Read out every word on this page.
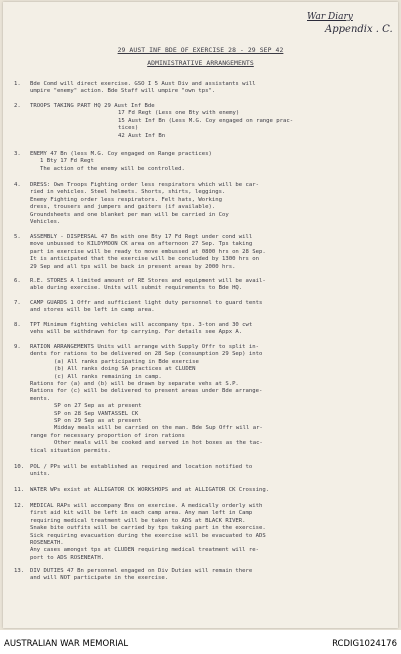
War Diary
Appendix . C.
29 AUST INF BDE OF EXERCISE 28 - 29 SEP 42
ADMINISTRATIVE ARRANGEMENTS
1. Bde Comd will direct exercise. GSO I 5 Aust Div and assistants will
umpire "enemy" action. Bde Staff will umpire "own tps".
2. TROOPS TAKING PART HQ 29 Aust Inf Bde
17 Fd Regt (Less one Bty with enemy)
15 Aust Inf Bn (Less M.G. Coy engaged on range prac-
tices)
42 Aust Inf Bn
3. ENEMY 47 Bn (less M.G. Coy engaged on Range practices)
1 Bty 17 Fd Regt
The action of the enemy will be controlled.
4. DRESS: Own Troops Fighting order less respirators which will be car-
ried in vehicles. Steel helmets. Shorts, shirts, leggings.
Enemy Fighting order less respirators. Felt hats, Working
dress, trousers and jumpers and gaiters (if available).
Groundsheets and one blanket per man will be carried in Coy
Vehicles.
5. ASSEMBLY - DISPERSAL 47 Bn with one Bty 17 Fd Regt under cond will
move unbussed to KILDYMOON CK area on afternoon 27 Sep. Tps taking
part in exercise will be ready to move embussed at 0800 hrs on 28 Sep.
It is anticipated that the exercise will be concluded by 1300 hrs on
29 Sep and all tps will be back in present areas by 2000 hrs.
6. R.E. STORES A limited amount of RE Stores and equipment will be avail-
able during exercise. Units will submit requirements to Bde HQ.
7. CAMP GUARDS 1 Offr and sufficient light duty personnel to guard tents
and stores will be left in camp area.
8. TPT Minimum fighting vehicles will accompany tps. 3-ton and 30 cwt
vehs will be withdrawn for tp carrying. For details see Appx A.
9. RATION ARRANGEMENTS Units will arrange with Supply Offr to split in-
dents for rations to be delivered on 28 Sep (consumption 29 Sep) into
(a) All ranks participating in Bde exercise
(b) All ranks doing SA practices at CLUDEN
(c) All ranks remaining in camp.
Rations for (a) and (b) will be drawn by separate vehs at S.P.
Rations for (c) will be delivered to present areas under Bde arrange-
ments.
SP on 27 Sep as at present
SP on 28 Sep VANTASSEL CK
SP on 29 Sep as at present
Midday meals will be carried on the man. Bde Sup Offr will ar-
range for necessary proportion of iron rations
Other meals will be cooked and served in hot boxes as the tac-
tical situation permits.
10. POL / PPs will be established as required and location notified to
units.
11. WATER WPs exist at ALLIGATOR CK WORKSHOPS and at ALLIGATOR CK Crossing.
12. MEDICAL RAPs will accompany Bns on exercise. A medically orderly with
first aid kit will be left in each camp area. Any man left in Camp
requiring medical treatment will be taken to ADS at BLACK RIVER.
Snake bite outfits will be carried by tps taking part in the exercise.
Sick requiring evacuation during the exercise will be evacuated to ADS
ROSENEATH.
Any cases amongst tps at CLUDEN requiring medical treatment will re-
port to ADS ROSENEATH.
13. DIV DUTIES 47 Bn personnel engaged on Div Duties will remain there
and will NOT participate in the exercise.
AUSTRALIAN WAR MEMORIAL	RCDIG1024176
